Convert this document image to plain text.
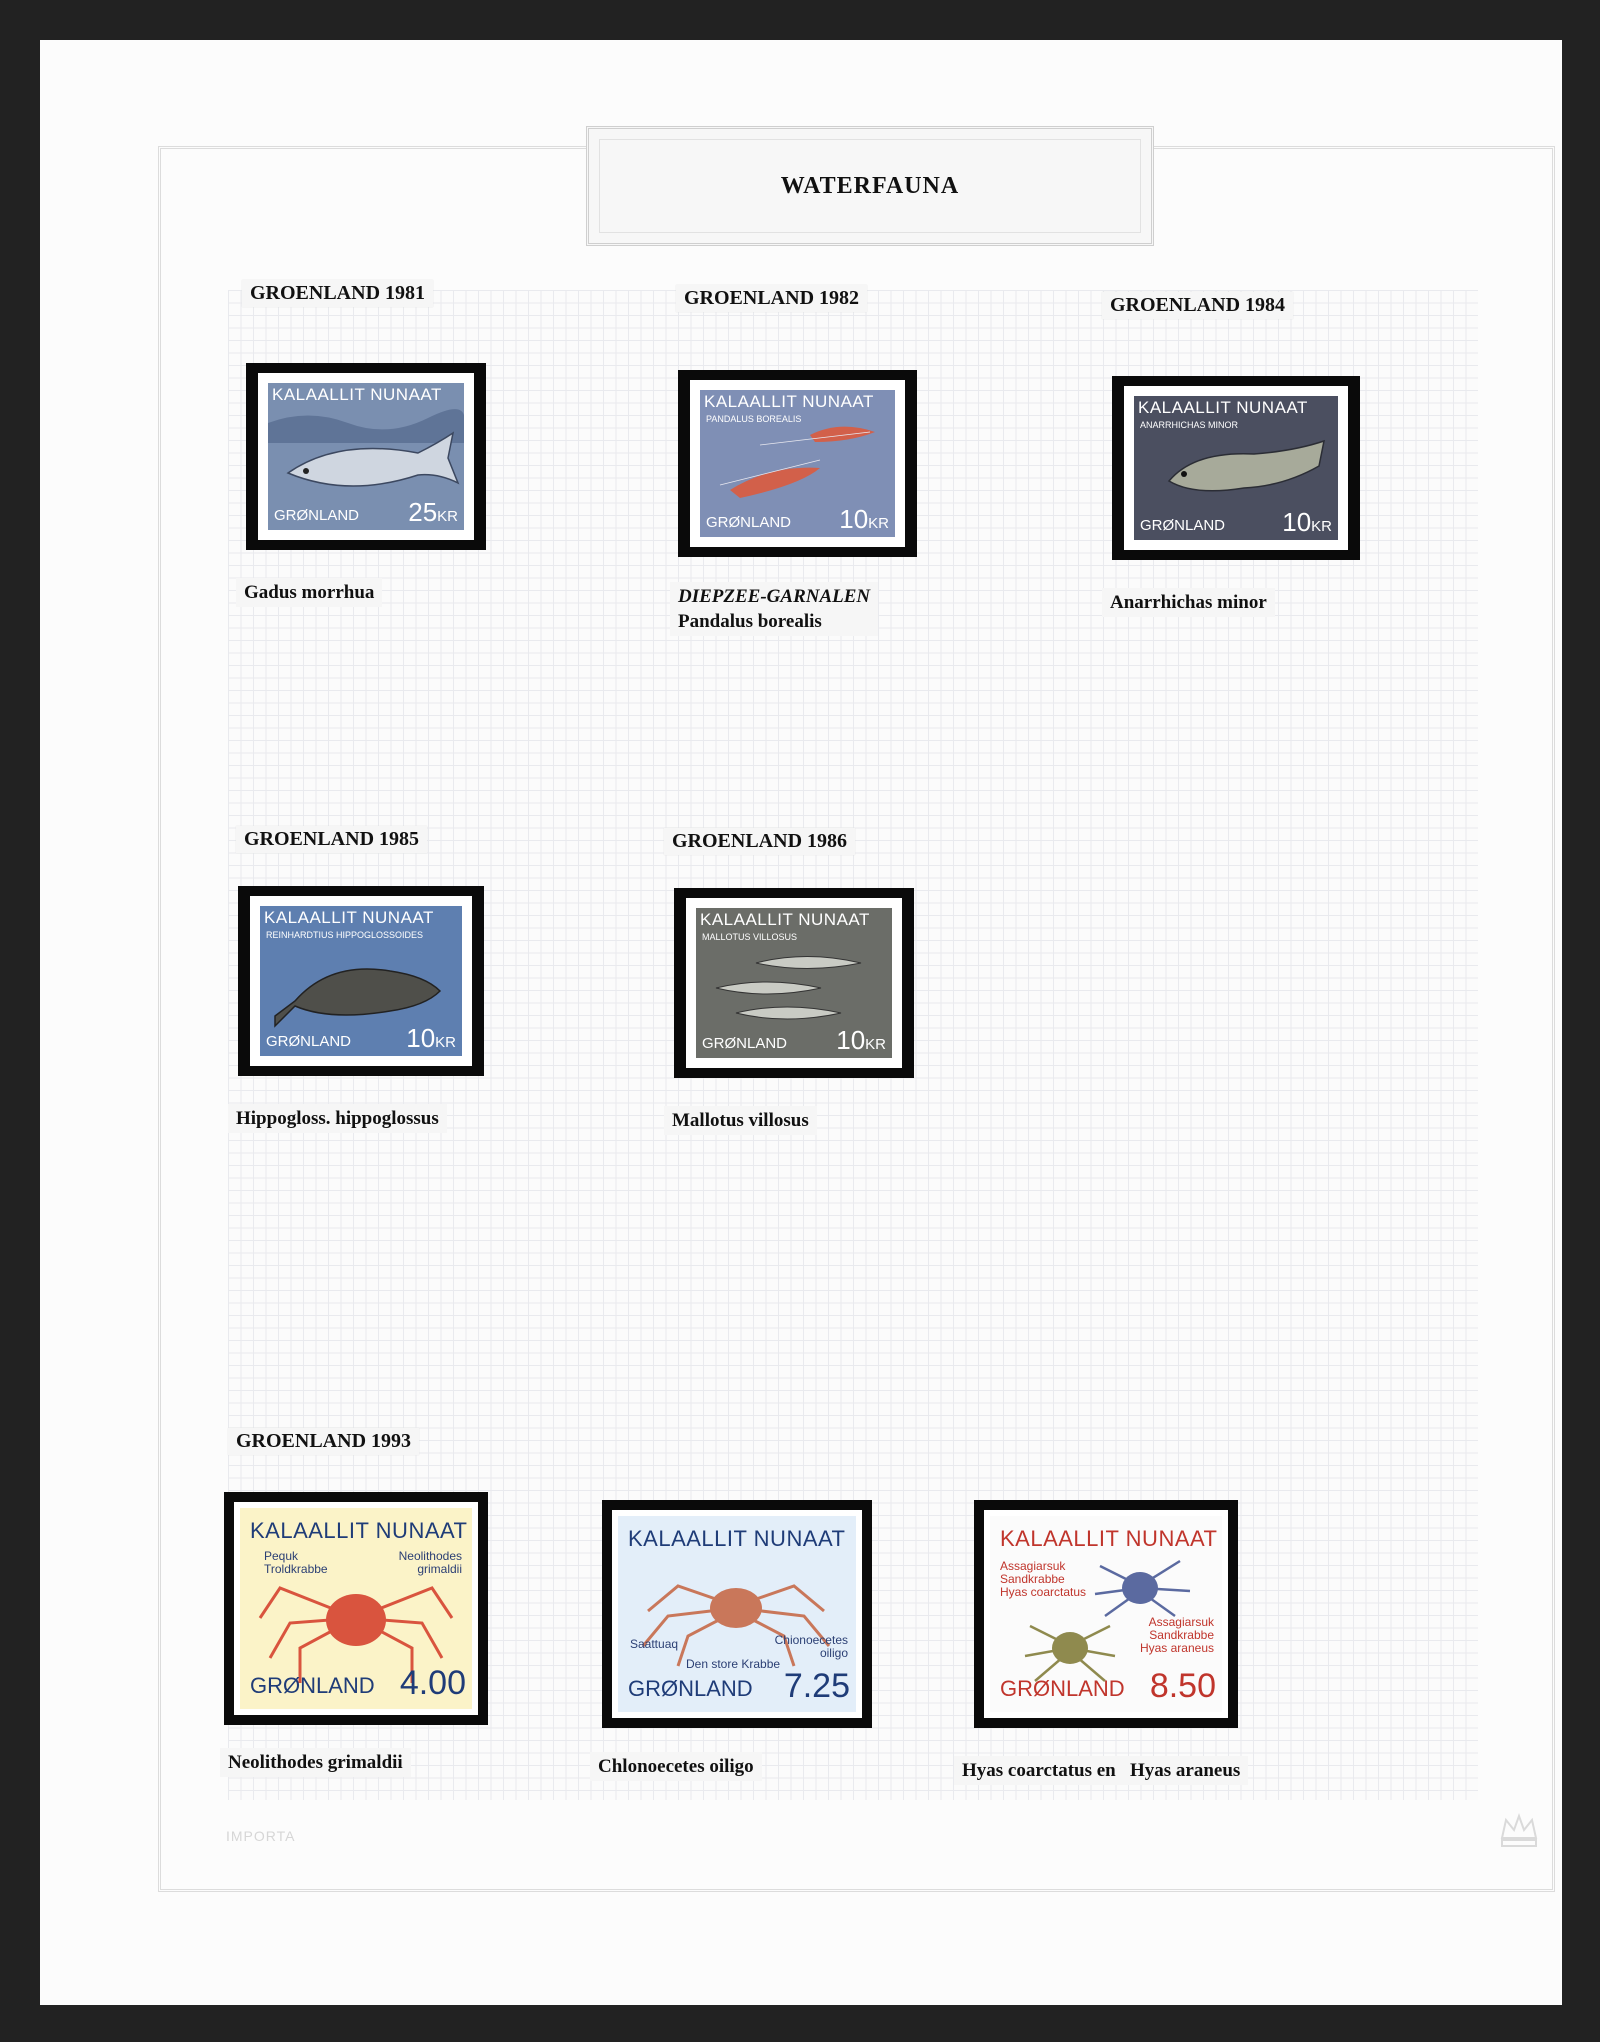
WATERFAUNA
GROENLAND 1981	GROENLAND 1982	GROENLAND 1984
KALAALLIT NUNAAT
GRØNLAND 25KR
KALAALLIT NUNAAT
PANDALUS BOREALIS
GRØNLAND 10KR
KALAALLIT NUNAAT
ANARRHICHAS MINOR
GRØNLAND 10KR
Gadus morrhua	DIEPZEE-GARNALEN
Pandalus borealis
Anarrhichas minor
GROENLAND 1985	GROENLAND 1986
KALAALLIT NUNAAT
REINHARDTIUS HIPPOGLOSSOIDES
GRØNLAND 10KR
KALAALLIT NUNAAT
MALLOTUS VILLOSUS
GRØNLAND 10KR
Hippogloss. hippoglossus	Mallotus villosus
GROENLAND 1993
KALAALLIT NUNAAT
Pequk
Troldkrabbe
Neolithodes
grimaldii
GRØNLAND 4.00
KALAALLIT NUNAAT
Saattuaq	Chionoecetes
oiligo
Den store Krabbe
GRØNLAND 7.25
KALAALLIT NUNAAT
Assagiarsuk
Sandkrabbe
Hyas coarctatus
Assagiarsuk
Sandkrabbe
Hyas araneus
GRØNLAND 8.50
Neolithodes grimaldii	Chlonoecetes oiligo	Hyas coarctatus en   Hyas araneus
IMPORTA
